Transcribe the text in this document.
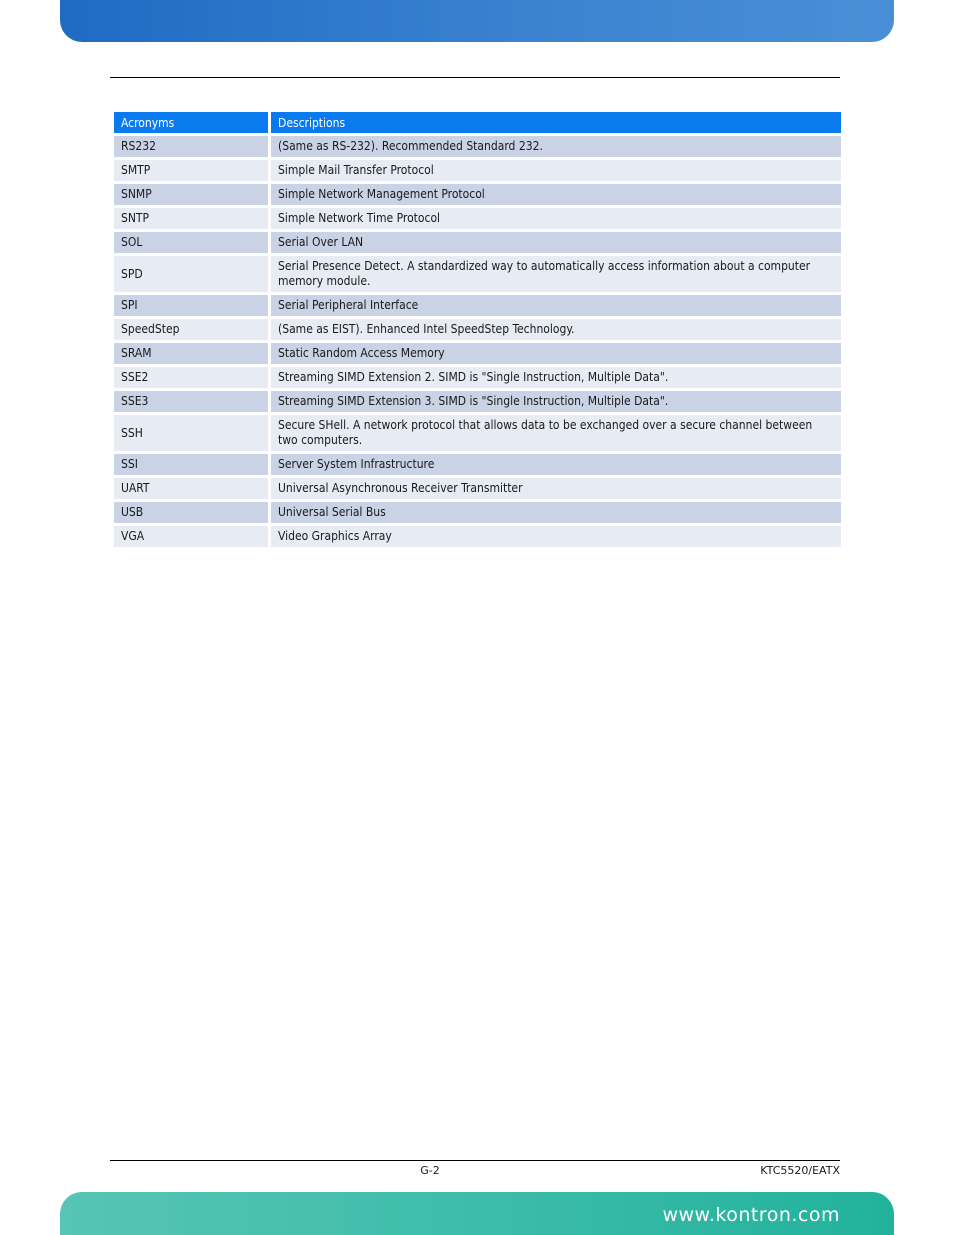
Acronyms	Descriptions
RS232	(Same as RS-232). Recommended Standard 232.
SMTP	Simple Mail Transfer Protocol
SNMP	Simple Network Management Protocol
SNTP	Simple Network Time Protocol
SOL	Serial Over LAN
SPD	Serial Presence Detect. A standardized way to automatically access information about a computer memory module.
SPI	Serial Peripheral Interface
SpeedStep	(Same as EIST). Enhanced Intel SpeedStep Technology.
SRAM	Static Random Access Memory
SSE2	Streaming SIMD Extension 2. SIMD is "Single Instruction, Multiple Data".
SSE3	Streaming SIMD Extension 3. SIMD is "Single Instruction, Multiple Data".
SSH	Secure SHell. A network protocol that allows data to be exchanged over a secure channel between two computers.
SSI	Server System Infrastructure
UART	Universal Asynchronous Receiver Transmitter
USB	Universal Serial Bus
VGA	Video Graphics Array
G-2	KTC5520/EATX
www.kontron.com
